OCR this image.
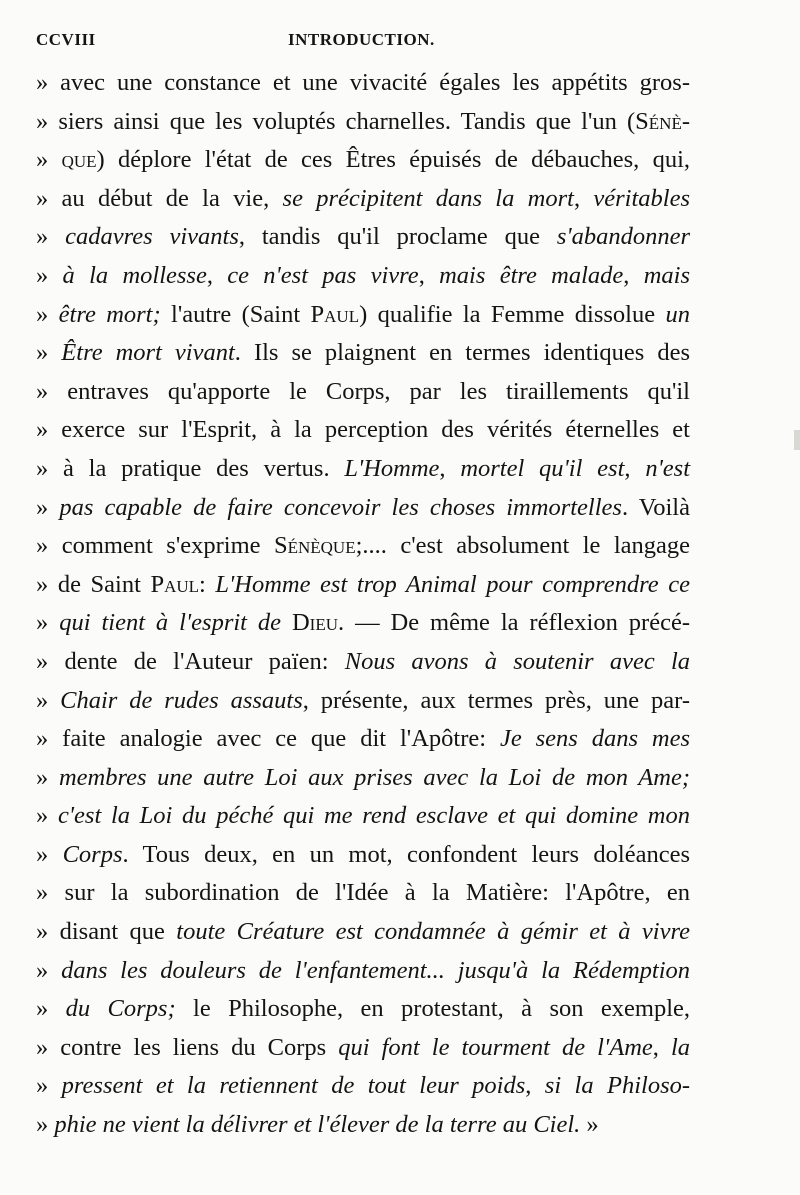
CCVIII	INTRODUCTION.
» avec une constance et une vivacité égales les appétits gros-
» siers ainsi que les voluptés charnelles. Tandis que l'un (Sénè-
» que) déplore l'état de ces Êtres épuisés de débauches, qui,
» au début de la vie, se précipitent dans la mort, véritables
» cadavres vivants, tandis qu'il proclame que s'abandonner
» à la mollesse, ce n'est pas vivre, mais être malade, mais
» être mort; l'autre (Saint Paul) qualifie la Femme dissolue un
» Être mort vivant. Ils se plaignent en termes identiques des
» entraves qu'apporte le Corps, par les tiraillements qu'il
» exerce sur l'Esprit, à la perception des vérités éternelles et
» à la pratique des vertus. L'Homme, mortel qu'il est, n'est
» pas capable de faire concevoir les choses immortelles. Voilà
» comment s'exprime Sénèque;.... c'est absolument le langage
» de Saint Paul: L'Homme est trop Animal pour comprendre ce
» qui tient à l'esprit de Dieu. — De même la réflexion précé-
» dente de l'Auteur païen: Nous avons à soutenir avec la
» Chair de rudes assauts, présente, aux termes près, une par-
» faite analogie avec ce que dit l'Apôtre: Je sens dans mes
» membres une autre Loi aux prises avec la Loi de mon Ame;
» c'est la Loi du péché qui me rend esclave et qui domine mon
» Corps. Tous deux, en un mot, confondent leurs doléances
» sur la subordination de l'Idée à la Matière: l'Apôtre, en
» disant que toute Créature est condamnée à gémir et à vivre
» dans les douleurs de l'enfantement... jusqu'à la Rédemption
» du Corps; le Philosophe, en protestant, à son exemple,
» contre les liens du Corps qui font le tourment de l'Ame, la
» pressent et la retiennent de tout leur poids, si la Philoso-
» phie ne vient la délivrer et l'élever de la terre au Ciel. »
